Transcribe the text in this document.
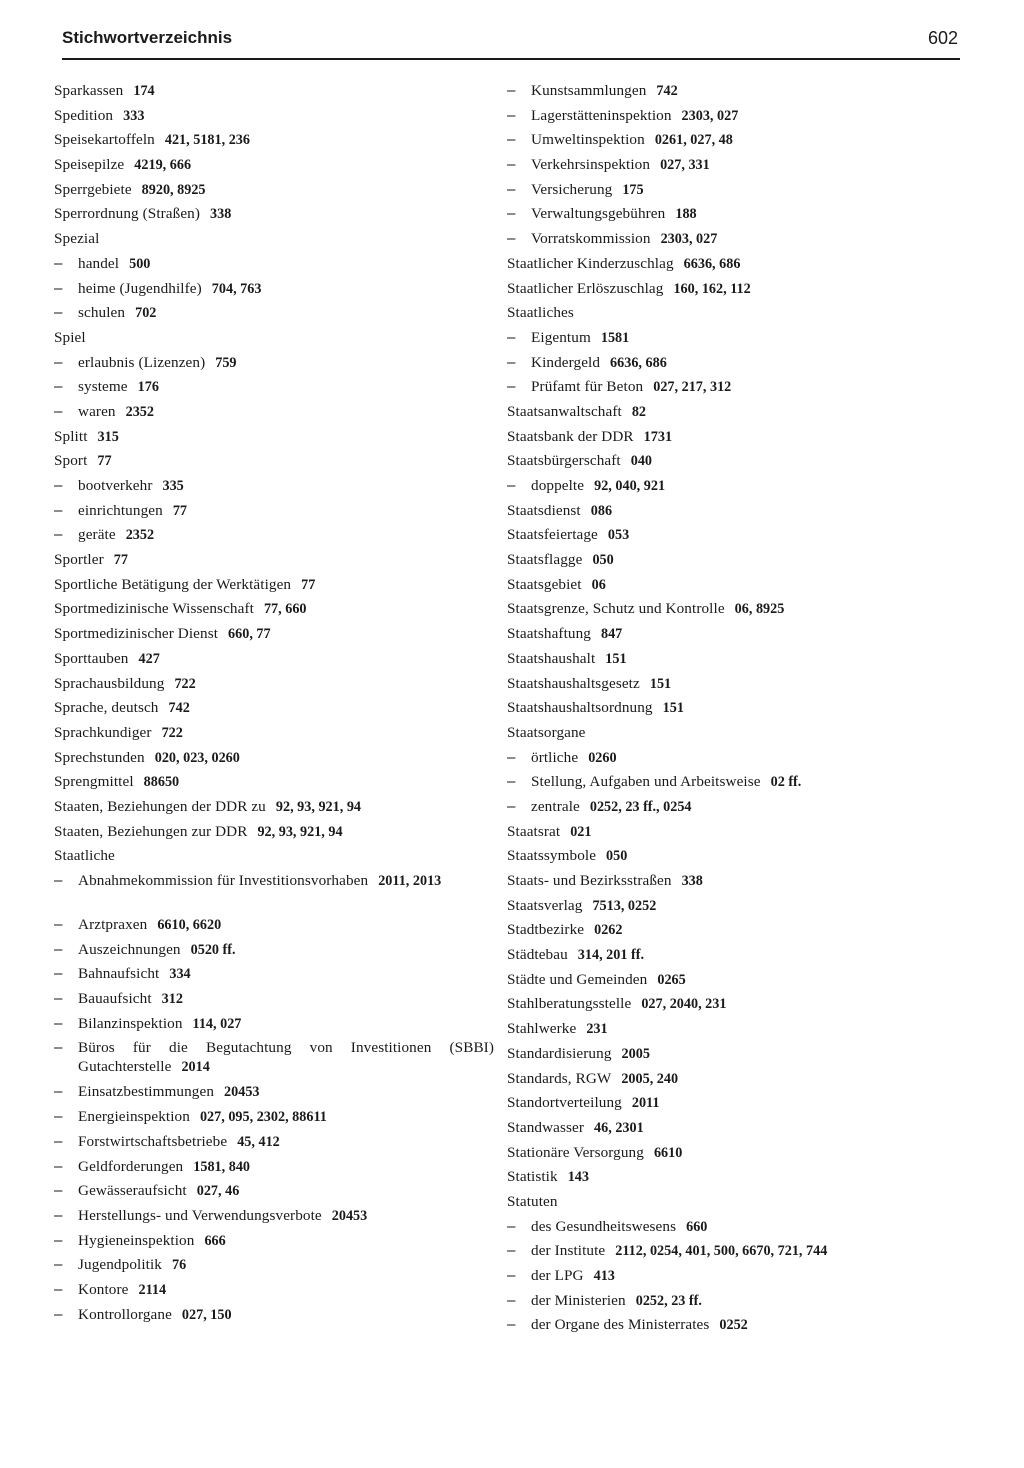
Stichwortverzeichnis	602
Sparkassen 174
Spedition 333
Speisekartoffeln 421, 5181, 236
Speisepilze 4219, 666
Sperrgebiete 8920, 8925
Sperrordnung (Straßen) 338
Spezial
–	handel 500
–	heime (Jugendhilfe) 704, 763
–	schulen 702
Spiel
–	erlaubnis (Lizenzen) 759
–	systeme 176
–	waren 2352
Splitt 315
Sport 77
–	bootverkehr 335
–	einrichtungen 77
–	geräte 2352
Sportler 77
Sportliche Betätigung der Werktätigen 77
Sportmedizinische Wissenschaft 77, 660
Sportmedizinischer Dienst 660, 77
Sporttauben 427
Sprachausbildung 722
Sprache, deutsch 742
Sprachkundiger 722
Sprechstunden 020, 023, 0260
Sprengmittel 88650
Staaten, Beziehungen der DDR zu 92, 93, 921, 94
Staaten, Beziehungen zur DDR 92, 93, 921, 94
Staatliche
–	Abnahmekommission für Investitionsvorhaben 2011, 2013
–	Arztpraxen 6610, 6620
–	Auszeichnungen 0520 ff.
–	Bahnaufsicht 334
–	Bauaufsicht 312
–	Bilanzinspektion 114, 027
–	Büros für die Begutachtung von Investitionen (SBBI) Gutachterstelle 2014
–	Einsatzbestimmungen 20453
–	Energieinspektion 027, 095, 2302, 88611
–	Forstwirtschaftsbetriebe 45, 412
–	Geldforderungen 1581, 840
–	Gewässeraufsicht 027, 46
–	Herstellungs- und Verwendungsverbote 20453
–	Hygieneinspektion 666
–	Jugendpolitik 76
–	Kontore 2114
–	Kontrollorgane 027, 150
–	Kunstsammlungen 742
–	Lagerstätteninspektion 2303, 027
–	Umweltinspektion 0261, 027, 48
–	Verkehrsinspektion 027, 331
–	Versicherung 175
–	Verwaltungsgebühren 188
–	Vorratskommission 2303, 027
Staatlicher Kinderzuschlag 6636, 686
Staatlicher Erlöszuschlag 160, 162, 112
Staatliches
–	Eigentum 1581
–	Kindergeld 6636, 686
–	Prüfamt für Beton 027, 217, 312
Staatsanwaltschaft 82
Staatsbank der DDR 1731
Staatsbürgerschaft 040
–	doppelte 92, 040, 921
Staatsdienst 086
Staatsfeiertage 053
Staatsflagge 050
Staatsgebiet 06
Staatsgrenze, Schutz und Kontrolle 06, 8925
Staatshaftung 847
Staatshaushalt 151
Staatshaushaltsgesetz 151
Staatshaushaltsordnung 151
Staatsorgane
–	örtliche 0260
–	Stellung, Aufgaben und Arbeitsweise 02 ff.
–	zentrale 0252, 23 ff., 0254
Staatsrat 021
Staatssymbole 050
Staats- und Bezirksstraßen 338
Staatsverlag 7513, 0252
Stadtbezirke 0262
Städtebau 314, 201 ff.
Städte und Gemeinden 0265
Stahlberatungsstelle 027, 2040, 231
Stahlwerke 231
Standardisierung 2005
Standards, RGW 2005, 240
Standortverteilung 2011
Standwasser 46, 2301
Stationäre Versorgung 6610
Statistik 143
Statuten
–	des Gesundheitswesens 660
–	der Institute 2112, 0254, 401, 500, 6670, 721, 744
–	der LPG 413
–	der Ministerien 0252, 23 ff.
–	der Organe des Ministerrates 0252
